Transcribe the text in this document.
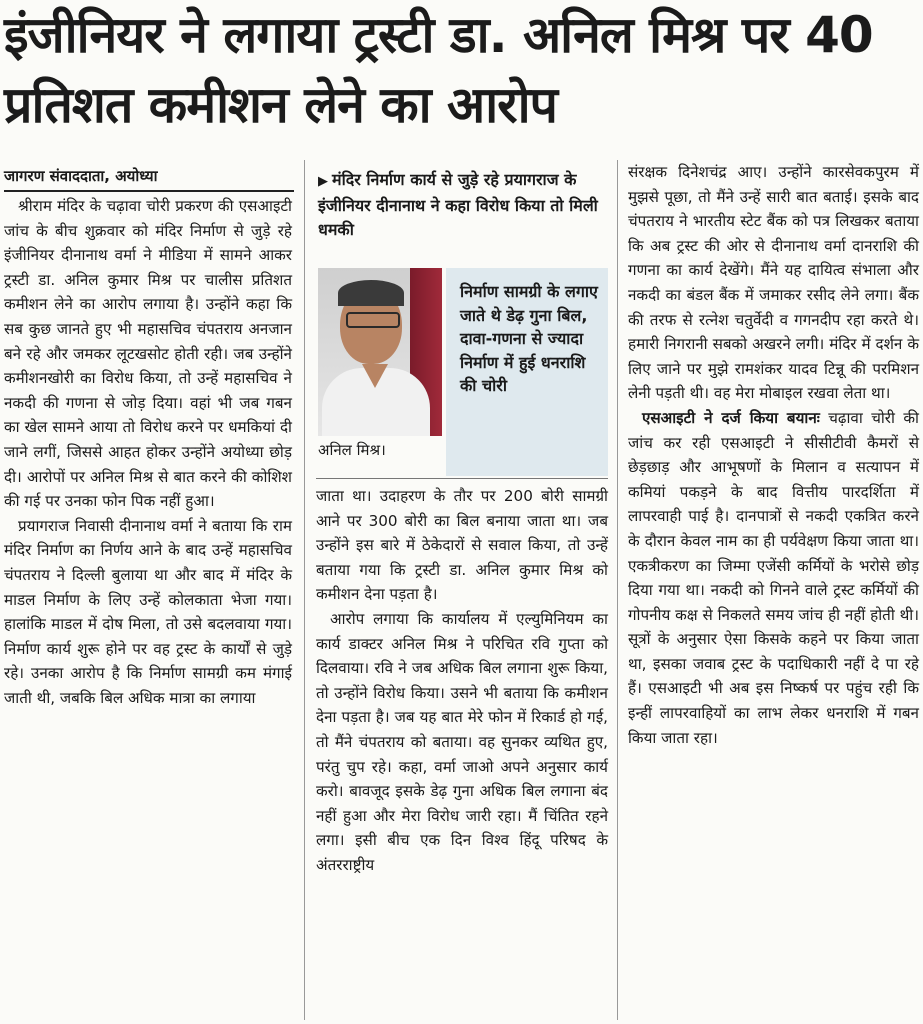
इंजीनियर ने लगाया ट्रस्टी डा. अनिल मिश्र पर 40 प्रतिशत कमीशन लेने का आरोप
जागरण संवाददाता, अयोध्या

श्रीराम मंदिर के चढ़ावा चोरी प्रकरण की एसआइटी जांच के बीच शुक्रवार को मंदिर निर्माण से जुड़े रहे इंजीनियर दीनानाथ वर्मा ने मीडिया में सामने आकर ट्रस्टी डा. अनिल कुमार मिश्र पर चालीस प्रतिशत कमीशन लेने का आरोप लगाया है। उन्होंने कहा कि सब कुछ जानते हुए भी महासचिव चंपतराय अनजान बने रहे और जमकर लूटखसोट होती रही। जब उन्होंने कमीशनखोरी का विरोध किया, तो उन्हें महासचिव ने नकदी की गणना से जोड़ दिया। वहां भी जब गबन का खेल सामने आया तो विरोध करने पर धमकियां दी जाने लगीं, जिससे आहत होकर उन्होंने अयोध्या छोड़ दी। आरोपों पर अनिल मिश्र से बात करने की कोशिश की गई पर उनका फोन पिक नहीं हुआ।

प्रयागराज निवासी दीनानाथ वर्मा ने बताया कि राम मंदिर निर्माण का निर्णय आने के बाद उन्हें महासचिव चंपतराय ने दिल्ली बुलाया था और बाद में मंदिर के माडल निर्माण के लिए उन्हें कोलकाता भेजा गया। हालांकि माडल में दोष मिला, तो उसे बदलवाया गया। निर्माण कार्य शुरू होने पर वह ट्रस्ट के कार्यों से जुड़े रहे। उनका आरोप है कि निर्माण सामग्री कम मंगाई जाती थी, जबकि बिल अधिक मात्रा का लगाया

▶ मंदिर निर्माण कार्य से जुड़े रहे प्रयागराज के इंजीनियर दीनानाथ ने कहा विरोध किया तो मिली धमकी
अनिल मिश्र।
निर्माण सामग्री के लगाए जाते थे डेढ़ गुना बिल, दावा-गणना से ज्यादा निर्माण में हुई धनराशि की चोरी

जाता था। उदाहरण के तौर पर 200 बोरी सामग्री आने पर 300 बोरी का बिल बनाया जाता था। जब उन्होंने इस बारे में ठेकेदारों से सवाल किया, तो उन्हें बताया गया कि ट्रस्टी डा. अनिल कुमार मिश्र को कमीशन देना पड़ता है।

आरोप लगाया कि कार्यालय में एल्युमिनियम का कार्य डाक्टर अनिल मिश्र ने परिचित रवि गुप्ता को दिलवाया। रवि ने जब अधिक बिल लगाना शुरू किया, तो उन्होंने विरोध किया। उसने भी बताया कि कमीशन देना पड़ता है। जब यह बात मेरे फोन में रिकार्ड हो गई, तो मैंने चंपतराय को बताया। वह सुनकर व्यथित हुए, परंतु चुप रहे। कहा, वर्मा जाओ अपने अनुसार कार्य करो। बावजूद इसके डेढ़ गुना अधिक बिल लगाना बंद नहीं हुआ और मेरा विरोध जारी रहा। मैं चिंतित रहने लगा। इसी बीच एक दिन विश्व हिंदू परिषद के अंतरराष्ट्रीय

संरक्षक दिनेशचंद्र आए। उन्होंने कारसेवकपुरम में मुझसे पूछा, तो मैंने उन्हें सारी बात बताई। इसके बाद चंपतराय ने भारतीय स्टेट बैंक को पत्र लिखकर बताया कि अब ट्रस्ट की ओर से दीनानाथ वर्मा दानराशि की गणना का कार्य देखेंगे। मैंने यह दायित्व संभाला और नकदी का बंडल बैंक में जमाकर रसीद लेने लगा। बैंक की तरफ से रत्नेश चतुर्वेदी व गगनदीप रहा करते थे। हमारी निगरानी सबको अखरने लगी। मंदिर में दर्शन के लिए जाने पर मुझे रामशंकर यादव टिन्नू की परमिशन लेनी पड़ती थी। वह मेरा मोबाइल रखवा लेता था।

एसआइटी ने दर्ज किया बयानः चढ़ावा चोरी की जांच कर रही एसआइटी ने सीसीटीवी कैमरों से छेड़छाड़ और आभूषणों के मिलान व सत्यापन में कमियां पकड़ने के बाद वित्तीय पारदर्शिता में लापरवाही पाई है। दानपात्रों से नकदी एकत्रित करने के दौरान केवल नाम का ही पर्यवेक्षण किया जाता था। एकत्रीकरण का जिम्मा एजेंसी कर्मियों के भरोसे छोड़ दिया गया था। नकदी को गिनने वाले ट्रस्ट कर्मियों की गोपनीय कक्ष से निकलते समय जांच ही नहीं होती थी। सूत्रों के अनुसार ऐसा किसके कहने पर किया जाता था, इसका जवाब ट्रस्ट के पदाधिकारी नहीं दे पा रहे हैं। एसआइटी भी अब इस निष्कर्ष पर पहुंच रही कि इन्हीं लापरवाहियों का लाभ लेकर धनराशि में गबन किया जाता रहा।
